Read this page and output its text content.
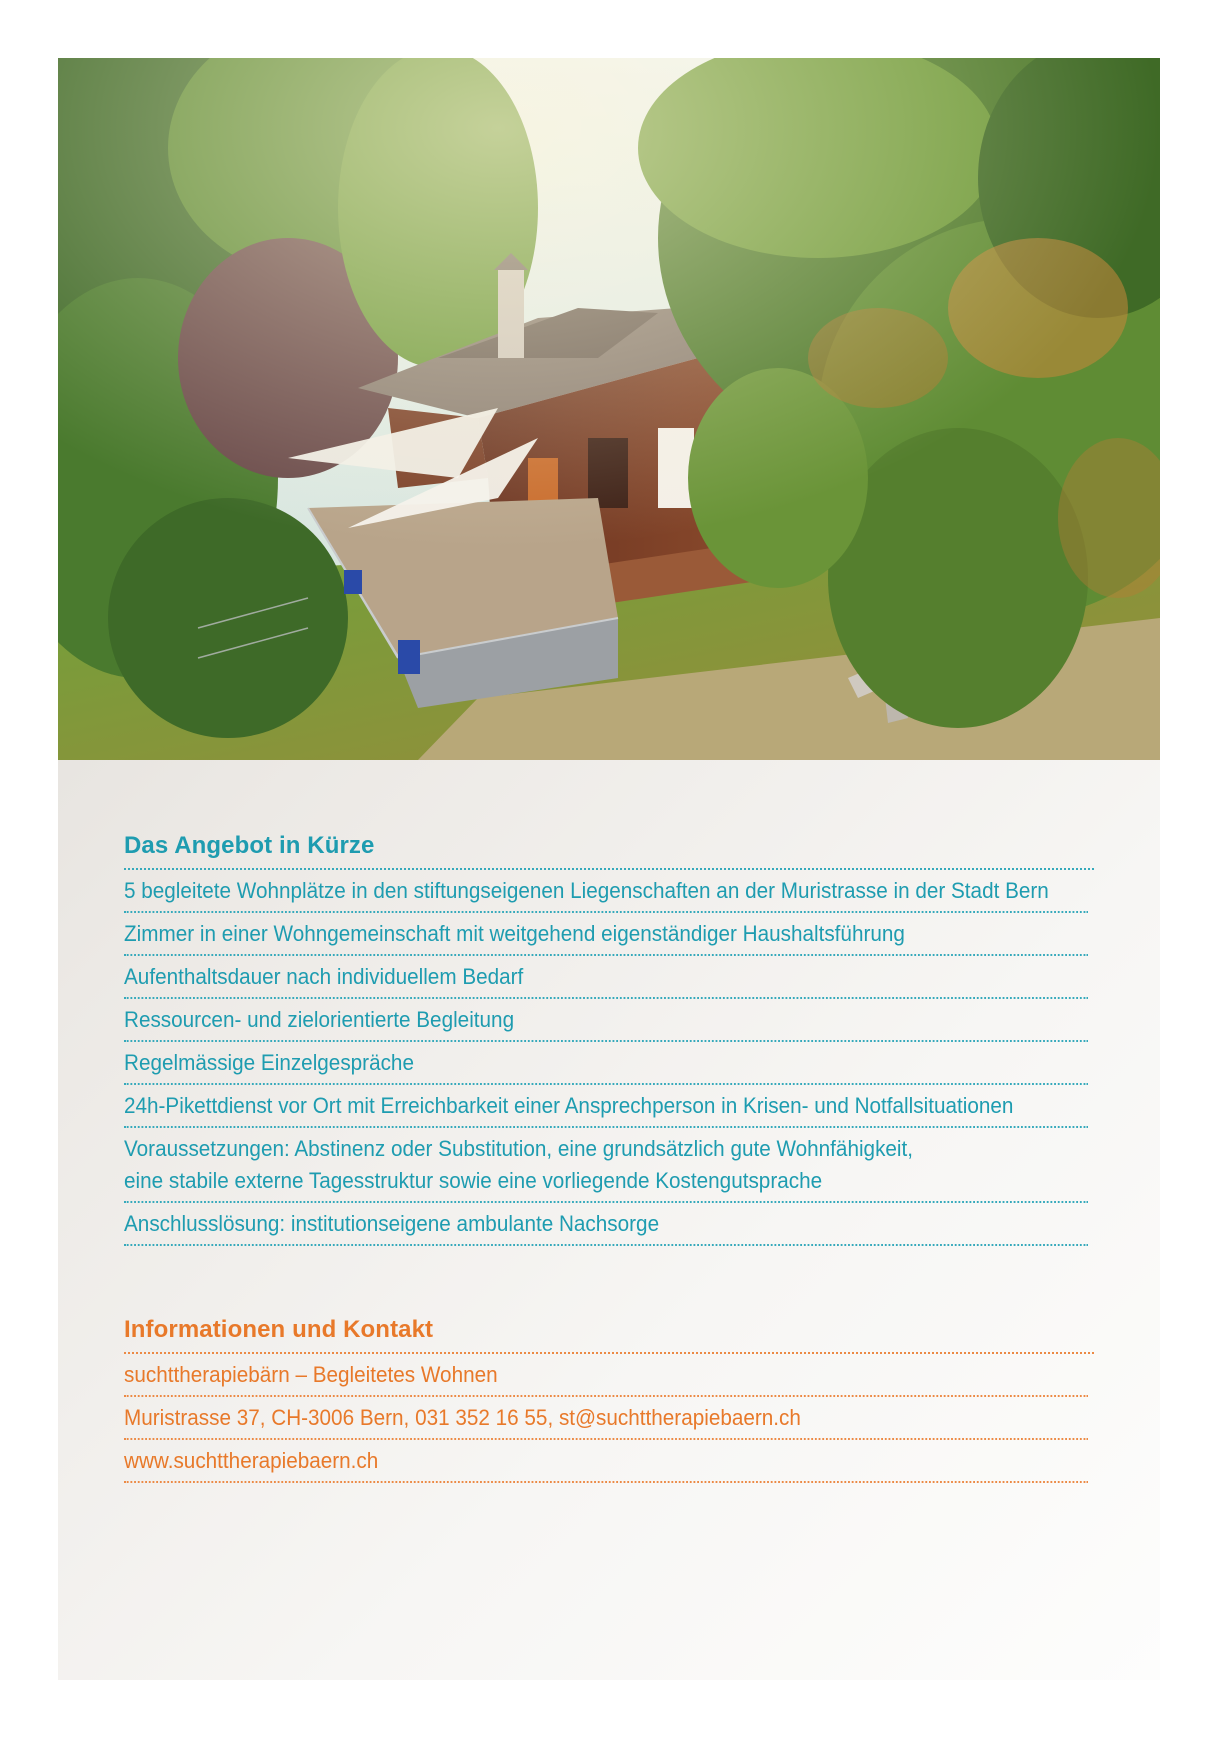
Das Angebot in Kürze
5 begleitete Wohnplätze in den stiftungseigenen Liegenschaften an der Muristrasse in der Stadt Bern
Zimmer in einer Wohngemeinschaft mit weitgehend eigenständiger Haushaltsführung
Aufenthaltsdauer nach individuellem Bedarf
Ressourcen- und zielorientierte Begleitung
Regelmässige Einzelgespräche
24h-Pikettdienst vor Ort mit Erreichbarkeit einer Ansprechperson in Krisen- und Notfallsituationen
Voraussetzungen: Abstinenz oder Substitution, eine grundsätzlich gute Wohnfähigkeit,
eine stabile externe Tagesstruktur sowie eine vorliegende Kostengutsprache
Anschlusslösung: institutionseigene ambulante Nachsorge
Informationen und Kontakt
suchttherapiebärn – Begleitetes Wohnen
Muristrasse 37, CH-3006 Bern, 031 352 16 55, st@suchttherapiebaern.ch
www.suchttherapiebaern.ch
